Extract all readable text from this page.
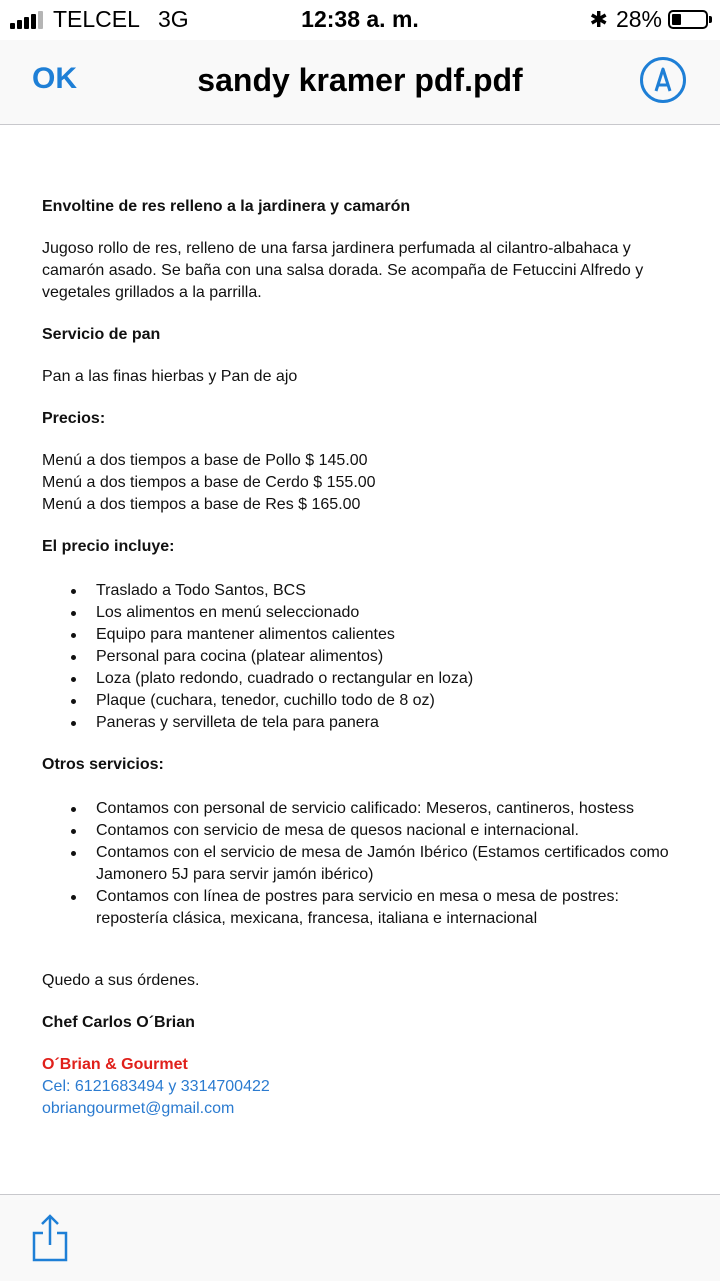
TELCEL 3G	12:38 a. m.	✱ 28%
OK	sandy kramer pdf.pdf

Envoltine de res relleno a la jardinera y camarón

Jugoso rollo de res, relleno de una farsa jardinera perfumada al cilantro-albahaca y

camarón asado. Se baña con una salsa dorada. Se acompaña de Fetuccini Alfredo y

vegetales grillados a la parrilla.

Servicio de pan

Pan a las finas hierbas y Pan de ajo

Precios:

Menú a dos tiempos a base de Pollo $ 145.00

Menú a dos tiempos a base de Cerdo $ 155.00

Menú a dos tiempos a base de Res $ 165.00

El precio incluye:

Traslado a Todo Santos, BCS
Los alimentos en menú seleccionado
Equipo para mantener alimentos calientes
Personal para cocina (platear alimentos)
Loza (plato redondo, cuadrado o rectangular en loza)
Plaque (cuchara, tenedor, cuchillo todo de 8 oz)
Paneras y servilleta de tela para panera

Otros servicios:

Contamos con personal de servicio calificado: Meseros, cantineros, hostess
Contamos con servicio de mesa de quesos nacional e internacional.
Contamos con el servicio de mesa de Jamón Ibérico (Estamos certificados como
Jamonero 5J para servir jamón ibérico)
Contamos con línea de postres para servicio en mesa o mesa de postres:
repostería clásica, mexicana, francesa, italiana e internacional

Quedo a sus órdenes.

Chef Carlos O´Brian

O´Brian & Gourmet

Cel: 6121683494 y 3314700422

obriangourmet@gmail.com
